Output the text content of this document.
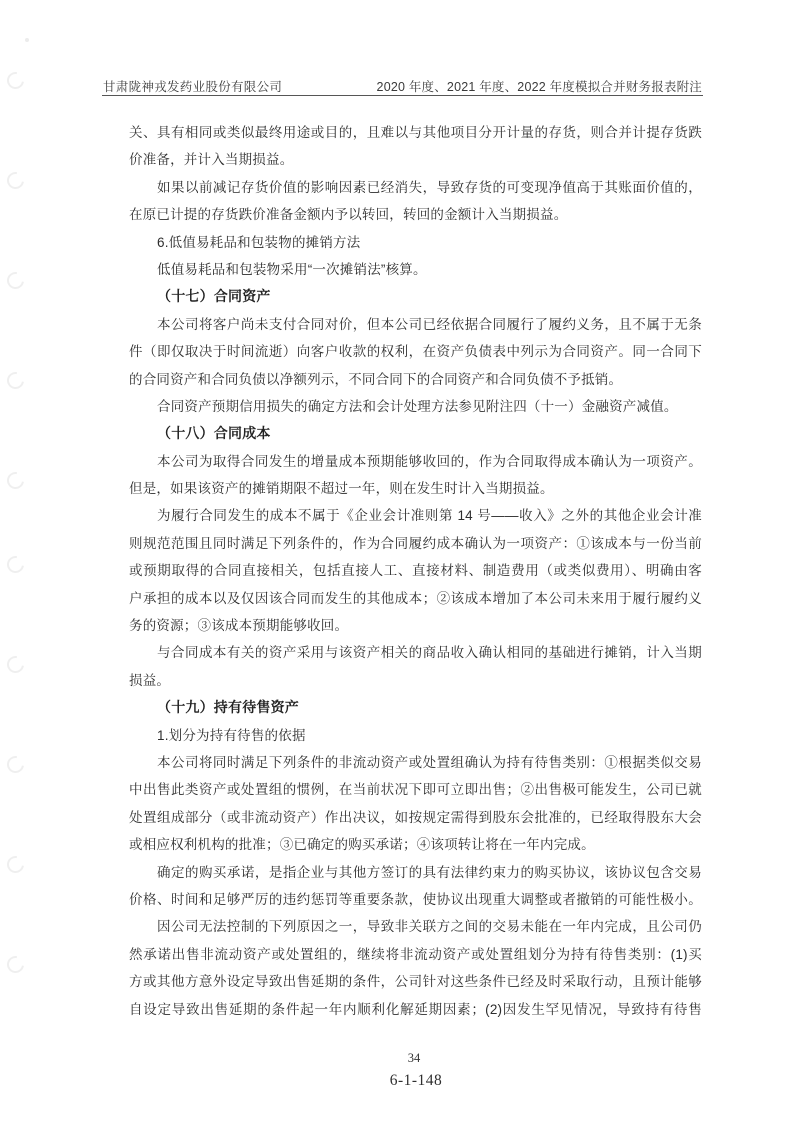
甘肃陇神戎发药业股份有限公司	2020 年度、2021 年度、2022 年度模拟合并财务报表附注
关、具有相同或类似最终用途或目的，且难以与其他项目分开计量的存货，则合并计提存货跌
价准备，并计入当期损益。
如果以前减记存货价值的影响因素已经消失，导致存货的可变现净值高于其账面价值的，
在原已计提的存货跌价准备金额内予以转回，转回的金额计入当期损益。
6.低值易耗品和包装物的摊销方法
低值易耗品和包装物采用“一次摊销法”核算。
（十七）合同资产
本公司将客户尚未支付合同对价，但本公司已经依据合同履行了履约义务，且不属于无条
件（即仅取决于时间流逝）向客户收款的权利，在资产负债表中列示为合同资产。同一合同下
的合同资产和合同负债以净额列示，不同合同下的合同资产和合同负债不予抵销。
合同资产预期信用损失的确定方法和会计处理方法参见附注四（十一）金融资产减值。
（十八）合同成本
本公司为取得合同发生的增量成本预期能够收回的，作为合同取得成本确认为一项资产。
但是，如果该资产的摊销期限不超过一年，则在发生时计入当期损益。
为履行合同发生的成本不属于《企业会计准则第 14 号——收入》之外的其他企业会计准
则规范范围且同时满足下列条件的，作为合同履约成本确认为一项资产：①该成本与一份当前
或预期取得的合同直接相关，包括直接人工、直接材料、制造费用（或类似费用）、明确由客
户承担的成本以及仅因该合同而发生的其他成本；②该成本增加了本公司未来用于履行履约义
务的资源；③该成本预期能够收回。
与合同成本有关的资产采用与该资产相关的商品收入确认相同的基础进行摊销，计入当期
损益。
（十九）持有待售资产
1.划分为持有待售的依据
本公司将同时满足下列条件的非流动资产或处置组确认为持有待售类别：①根据类似交易
中出售此类资产或处置组的惯例，在当前状况下即可立即出售；②出售极可能发生，公司已就
处置组成部分（或非流动资产）作出决议，如按规定需得到股东会批准的，已经取得股东大会
或相应权利机构的批准；③已确定的购买承诺；④该项转让将在一年内完成。
确定的购买承诺，是指企业与其他方签订的具有法律约束力的购买协议，该协议包含交易
价格、时间和足够严厉的违约惩罚等重要条款，使协议出现重大调整或者撤销的可能性极小。
因公司无法控制的下列原因之一，导致非关联方之间的交易未能在一年内完成，且公司仍
然承诺出售非流动资产或处置组的，继续将非流动资产或处置组划分为持有待售类别：(1)买
方或其他方意外设定导致出售延期的条件，公司针对这些条件已经及时采取行动，且预计能够
自设定导致出售延期的条件起一年内顺利化解延期因素；(2)因发生罕见情况，导致持有待售
34
6-1-148
